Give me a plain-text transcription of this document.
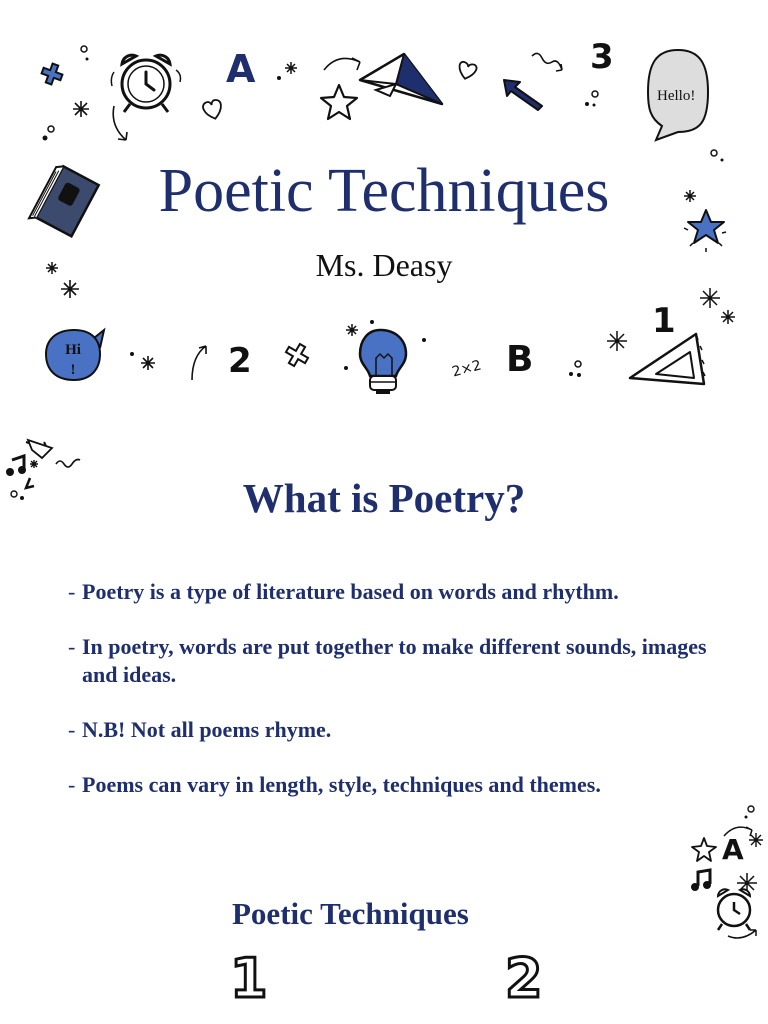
A	3
Hello!
Poetic Techniques
Ms. Deasy
Hi
!	2	2×2 B
1
What is Poetry?

- Poetry is a type of literature based on words and rhythm.

- In poetry, words are put together to make different sounds, images and ideas.

- N.B! Not all poems rhyme.

- Poems can vary in length, style, techniques and themes.

A
Poetic Techniques
1	2
